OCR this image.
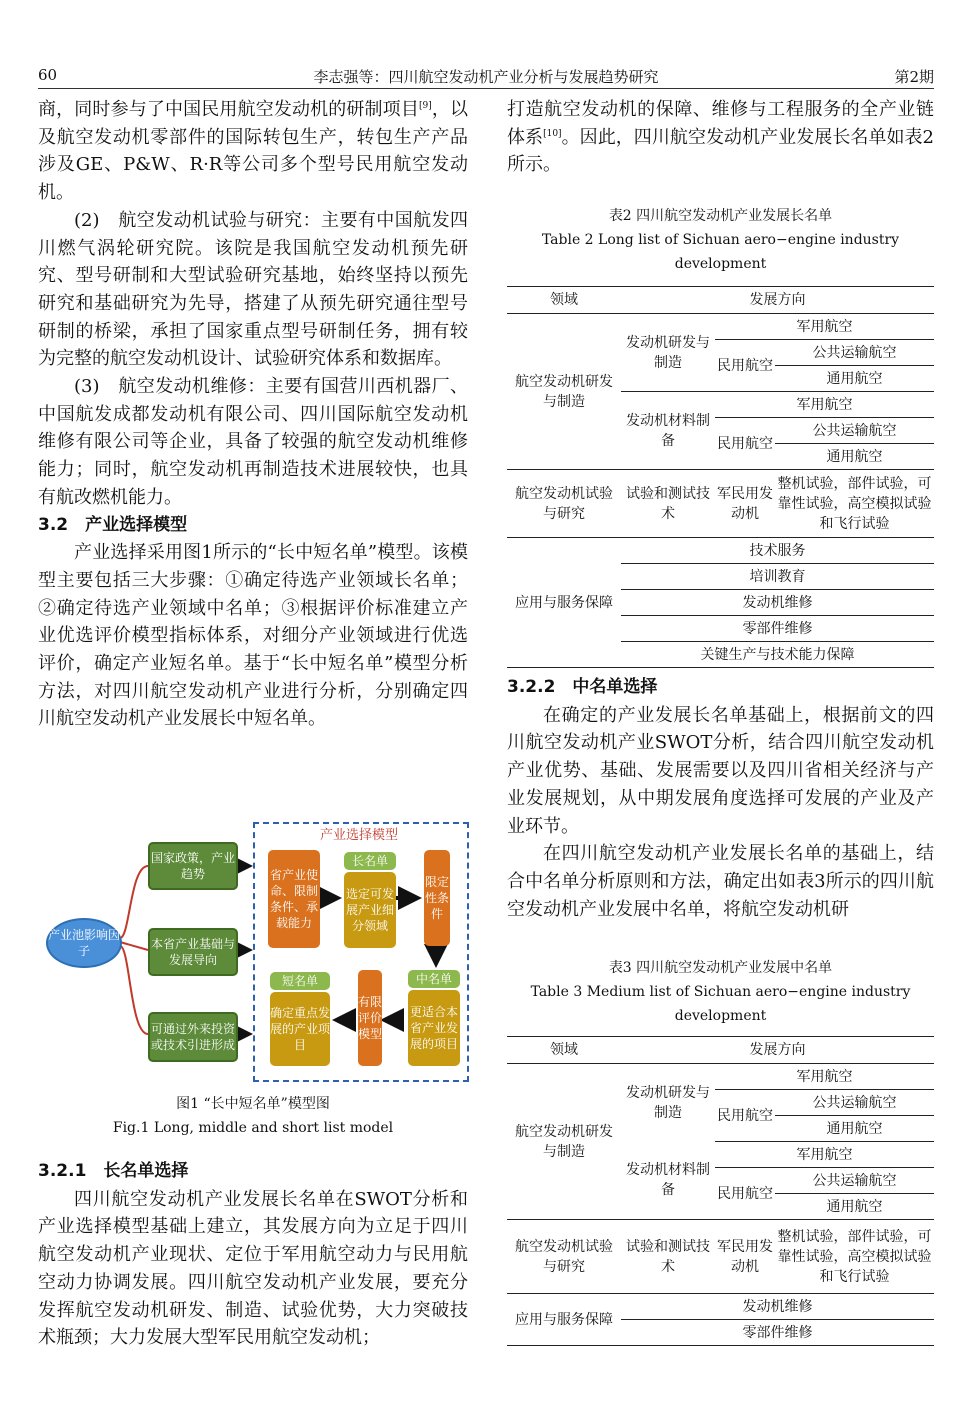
60	李志强等：四川航空发动机产业分析与发展趋势研究	第2期

商，同时参与了中国民用航空发动机的研制项目[9]，以及航空发动机零部件的国际转包生产，转包生产产品涉及GE、P&W、R·R等公司多个型号民用航空发动机。

(2)　航空发动机试验与研究：主要有中国航发四川燃气涡轮研究院。该院是我国航空发动机预先研究、型号研制和大型试验研究基地，始终坚持以预先研究和基础研究为先导，搭建了从预先研究通往型号研制的桥梁，承担了国家重点型号研制任务，拥有较为完整的航空发动机设计、试验研究体系和数据库。

(3)　航空发动机维修：主要有国营川西机器厂、中国航发成都发动机有限公司、四川国际航空发动机维修有限公司等企业，具备了较强的航空发动机维修能力；同时，航空发动机再制造技术进展较快，也具有航改燃机能力。

3.2　产业选择模型

产业选择采用图1所示的“长中短名单”模型。该模型主要包括三大步骤：①确定待选产业领域长名单；②确定待选产业领域中名单；③根据评价标准建立产业优选评价模型指标体系，对细分产业领域进行优选评价，确定产业短名单。基于“长中短名单”模型分析方法，对四川航空发动机产业进行分析，分别确定四川航空发动机产业发展长中短名单。

产业选择模型
产业池影响因子
国家政策，产业趋势
本省产业基础与发展导向
可通过外来投资或技术引进形成
省产业使命、限制条件、承载能力
长名单
选定可发展产业细分领域
限定性条件
中名单
更适合本省产业发展的项目
有限评价模型
短名单
确定重点发展的产业项目
图1 “长中短名单”模型图
Fig.1 Long, middle and short list model

3.2.1　长名单选择

四川航空发动机产业发展长名单在SWOT分析和产业选择模型基础上建立，其发展方向为立足于四川航空发动机产业现状、定位于军用航空动力与民用航空动力协调发展。四川航空发动机产业发展，要充分发挥航空发动机研发、制造、试验优势，大力突破技术瓶颈；大力发展大型军民用航空发动机；

打造航空发动机的保障、维修与工程服务的全产业链体系[10]。因此，四川航空发动机产业发展长名单如表2所示。

表2 四川航空发动机产业发展长名单
Table 2 Long list of Sichuan aero−engine industry development
领域	发展方向		
航空发动机研发与制造	发动机研发与制造	军用航空	
		民用航空	公共运输航空
			通用航空
	发动机材料制备	军用航空	
		民用航空	公共运输航空
			通用航空
航空发动机试验与研究	试验和测试技术	军民用发动机	整机试验，部件试验，可靠性试验，高空模拟试验和飞行试验
应用与服务保障	技术服务		
	培训教育		
	发动机维修		
	零部件维修		
	关键生产与技术能力保障		

3.2.2　中名单选择

在确定的产业发展长名单基础上，根据前文的四川航空发动机产业SWOT分析，结合四川航空发动机产业优势、基础、发展需要以及四川省相关经济与产业发展规划，从中期发展角度选择可发展的产业及产业环节。

在四川航空发动机产业发展长名单的基础上，结合中名单分析原则和方法，确定出如表3所示的四川航空发动机产业发展中名单，将航空发动机研

表3 四川航空发动机产业发展中名单
Table 3 Medium list of Sichuan aero−engine industry
development
领域	发展方向		
航空发动机研发与制造	发动机研发与制造	军用航空	
		民用航空	公共运输航空
			通用航空
	发动机材料制备	军用航空	
		民用航空	公共运输航空
			通用航空
航空发动机试验与研究	试验和测试技术	军民用发动机	整机试验，部件试验，可靠性试验，高空模拟试验和飞行试验
应用与服务保障	发动机维修		
	零部件维修		
